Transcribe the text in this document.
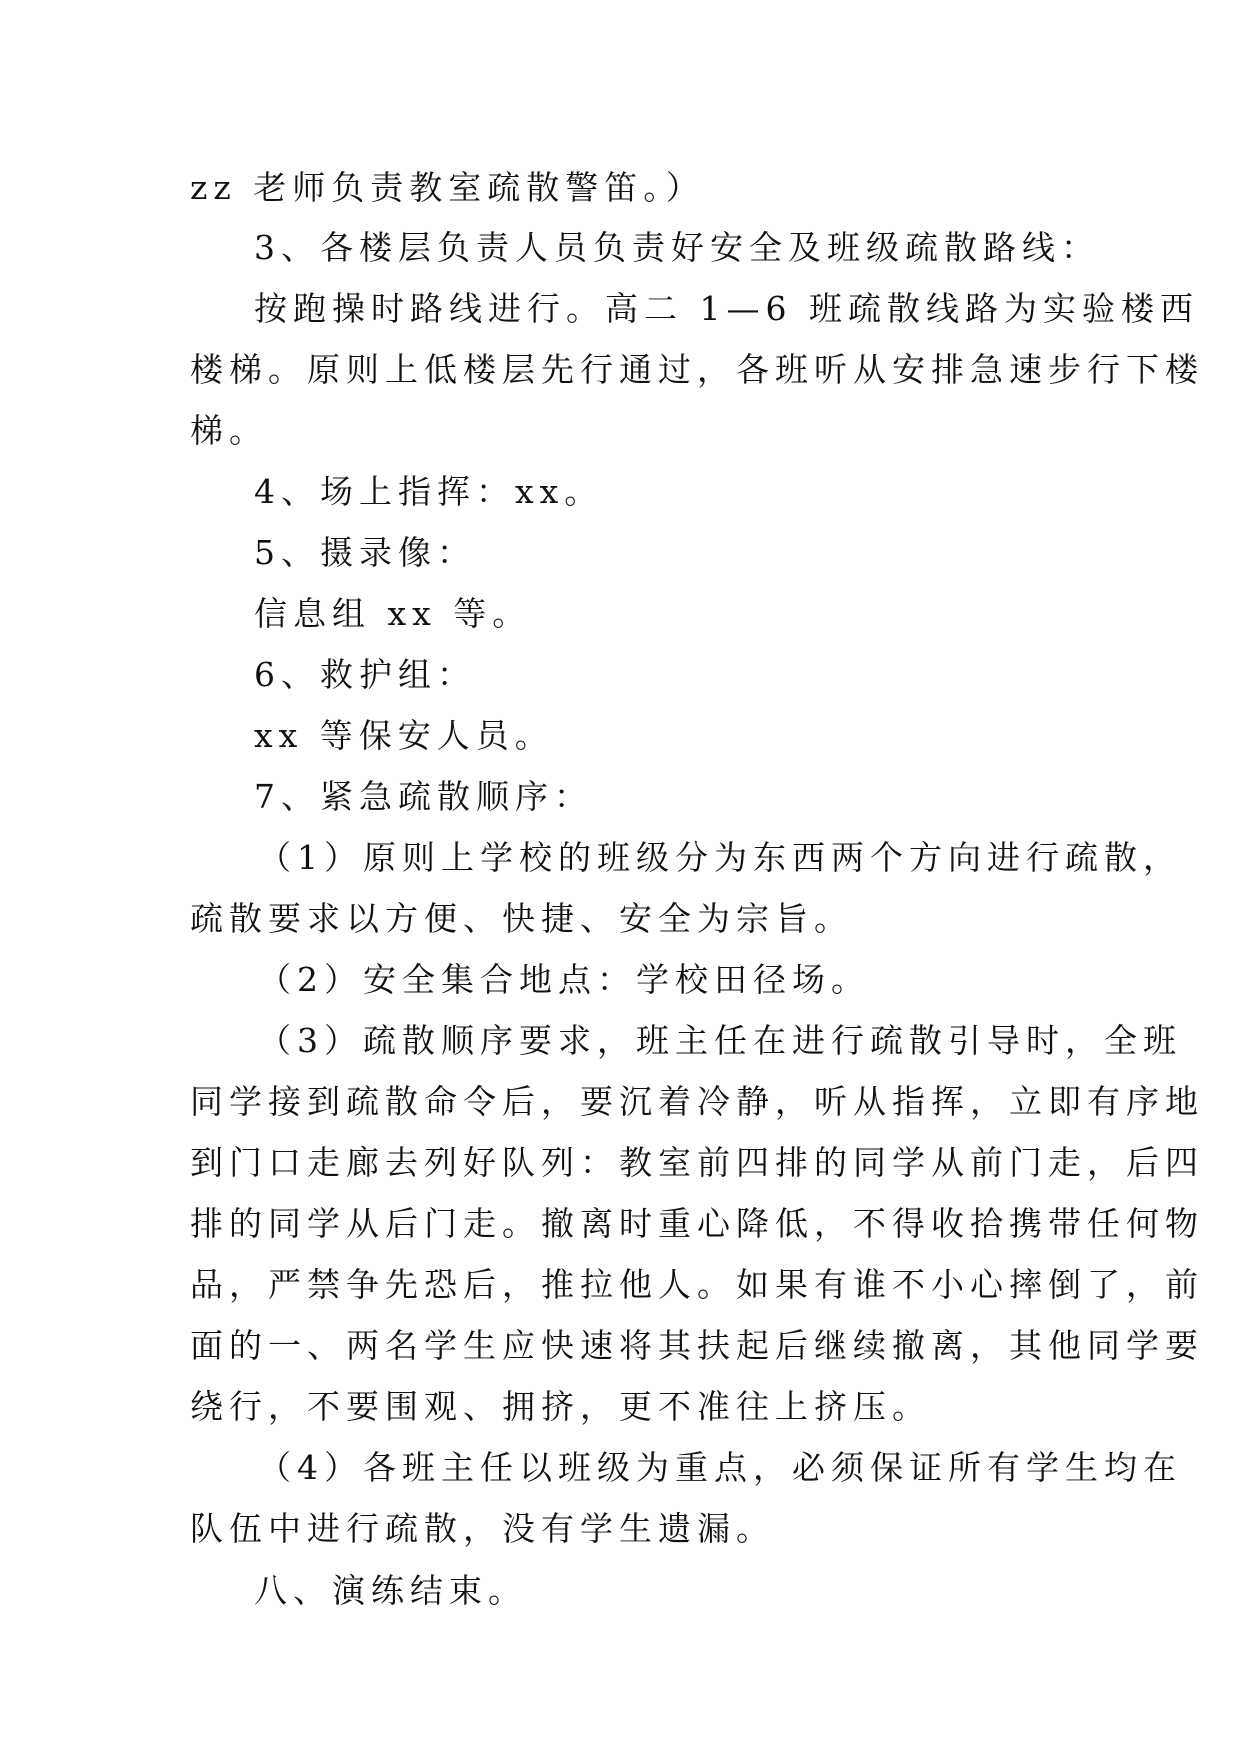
zz 老师负责教室疏散警笛。）
3、各楼层负责人员负责好安全及班级疏散路线：
按跑操时路线进行。高二 1—6 班疏散线路为实验楼西
楼梯。原则上低楼层先行通过，各班听从安排急速步行下楼
梯。
4、场上指挥：xx。
5、摄录像：
信息组 xx 等。
6、救护组：
xx 等保安人员。
7、紧急疏散顺序：
（1）原则上学校的班级分为东西两个方向进行疏散，
疏散要求以方便、快捷、安全为宗旨。
（2）安全集合地点：学校田径场。
（3）疏散顺序要求，班主任在进行疏散引导时，全班
同学接到疏散命令后，要沉着冷静，听从指挥，立即有序地
到门口走廊去列好队列：教室前四排的同学从前门走，后四
排的同学从后门走。撤离时重心降低，不得收拾携带任何物
品，严禁争先恐后，推拉他人。如果有谁不小心摔倒了，前
面的一、两名学生应快速将其扶起后继续撤离，其他同学要
绕行，不要围观、拥挤，更不准往上挤压。
（4）各班主任以班级为重点，必须保证所有学生均在
队伍中进行疏散，没有学生遗漏。
八、演练结束。
